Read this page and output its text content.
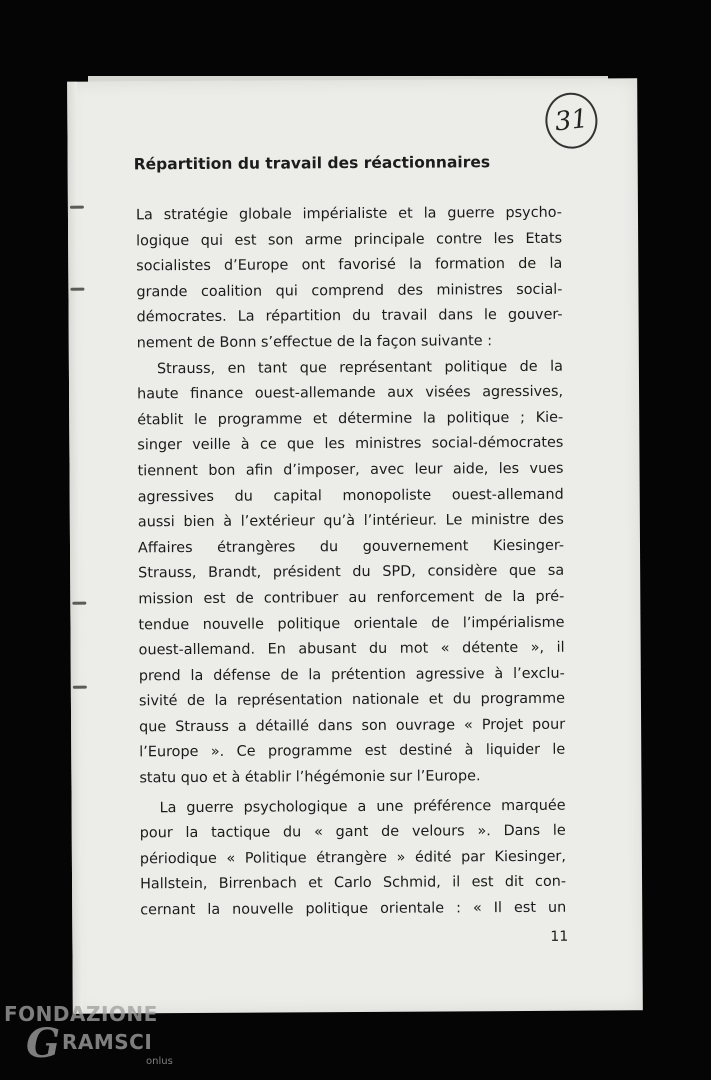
31
Répartition du travail des réactionnaires
La stratégie globale impérialiste et la guerre psycho-
logique qui est son arme principale contre les Etats
socialistes d’Europe ont favorisé la formation de la
grande coalition qui comprend des ministres social-
démocrates. La répartition du travail dans le gouver-
nement de Bonn s’effectue de la façon suivante :
Strauss, en tant que représentant politique de la
haute finance ouest-allemande aux visées agressives,
établit le programme et détermine la politique ; Kie-
singer veille à ce que les ministres social-démocrates
tiennent bon afin d’imposer, avec leur aide, les vues
agressives du capital monopoliste ouest-allemand
aussi bien à l’extérieur qu’à l’intérieur. Le ministre des
Affaires étrangères du gouvernement Kiesinger-
Strauss, Brandt, président du SPD, considère que sa
mission est de contribuer au renforcement de la pré-
tendue nouvelle politique orientale de l’impérialisme
ouest-allemand. En abusant du mot « détente », il
prend la défense de la prétention agressive à l’exclu-
sivité de la représentation nationale et du programme
que Strauss a détaillé dans son ouvrage « Projet pour
l’Europe ». Ce programme est destiné à liquider le
statu quo et à établir l’hégémonie sur l’Europe.
La guerre psychologique a une préférence marquée
pour la tactique du « gant de velours ». Dans le
périodique « Politique étrangère » édité par Kiesinger,
Hallstein, Birrenbach et Carlo Schmid, il est dit con-
cernant la nouvelle politique orientale : « Il est un
11
FONDAZIONE
G RAMSCI
onlus
